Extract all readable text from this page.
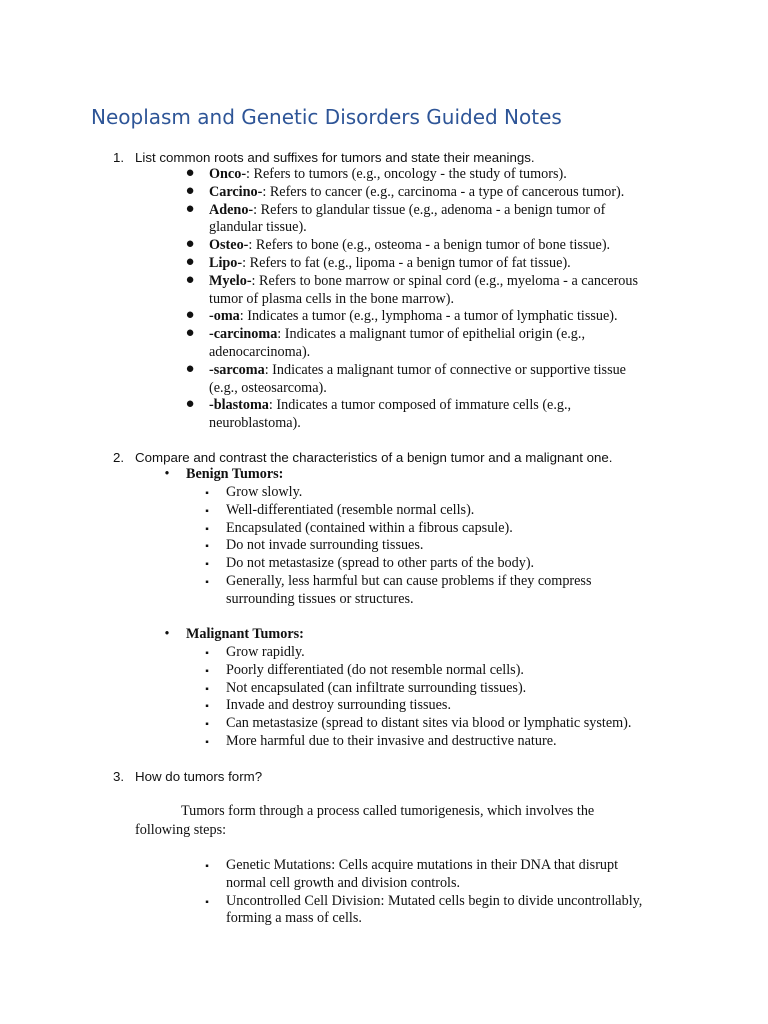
Neoplasm and Genetic Disorders Guided Notes
1. List common roots and suffixes for tumors and state their meanings.
● Onco-: Refers to tumors (e.g., oncology - the study of tumors).
● Carcino-: Refers to cancer (e.g., carcinoma - a type of cancerous tumor).
● Adeno-: Refers to glandular tissue (e.g., adenoma - a benign tumor of
glandular tissue).
● Osteo-: Refers to bone (e.g., osteoma - a benign tumor of bone tissue).
● Lipo-: Refers to fat (e.g., lipoma - a benign tumor of fat tissue).
● Myelo-: Refers to bone marrow or spinal cord (e.g., myeloma - a cancerous
tumor of plasma cells in the bone marrow).
● -oma: Indicates a tumor (e.g., lymphoma - a tumor of lymphatic tissue).
● -carcinoma: Indicates a malignant tumor of epithelial origin (e.g.,
adenocarcinoma).
● -sarcoma: Indicates a malignant tumor of connective or supportive tissue
(e.g., osteosarcoma).
● -blastoma: Indicates a tumor composed of immature cells (e.g.,
neuroblastoma).
2. Compare and contrast the characteristics of a benign tumor and a malignant one.
•	Benign Tumors:
▪	Grow slowly.
▪	Well-differentiated (resemble normal cells).
▪	Encapsulated (contained within a fibrous capsule).
▪	Do not invade surrounding tissues.
▪	Do not metastasize (spread to other parts of the body).
▪	Generally, less harmful but can cause problems if they compress
surrounding tissues or structures.
•	Malignant Tumors:
▪	Grow rapidly.
▪	Poorly differentiated (do not resemble normal cells).
▪	Not encapsulated (can infiltrate surrounding tissues).
▪	Invade and destroy surrounding tissues.
▪	Can metastasize (spread to distant sites via blood or lymphatic system).
▪	More harmful due to their invasive and destructive nature.
3. How do tumors form?
Tumors form through a process called tumorigenesis, which involves the
following steps:
▪	Genetic Mutations: Cells acquire mutations in their DNA that disrupt
normal cell growth and division controls.
▪	Uncontrolled Cell Division: Mutated cells begin to divide uncontrollably,
forming a mass of cells.
